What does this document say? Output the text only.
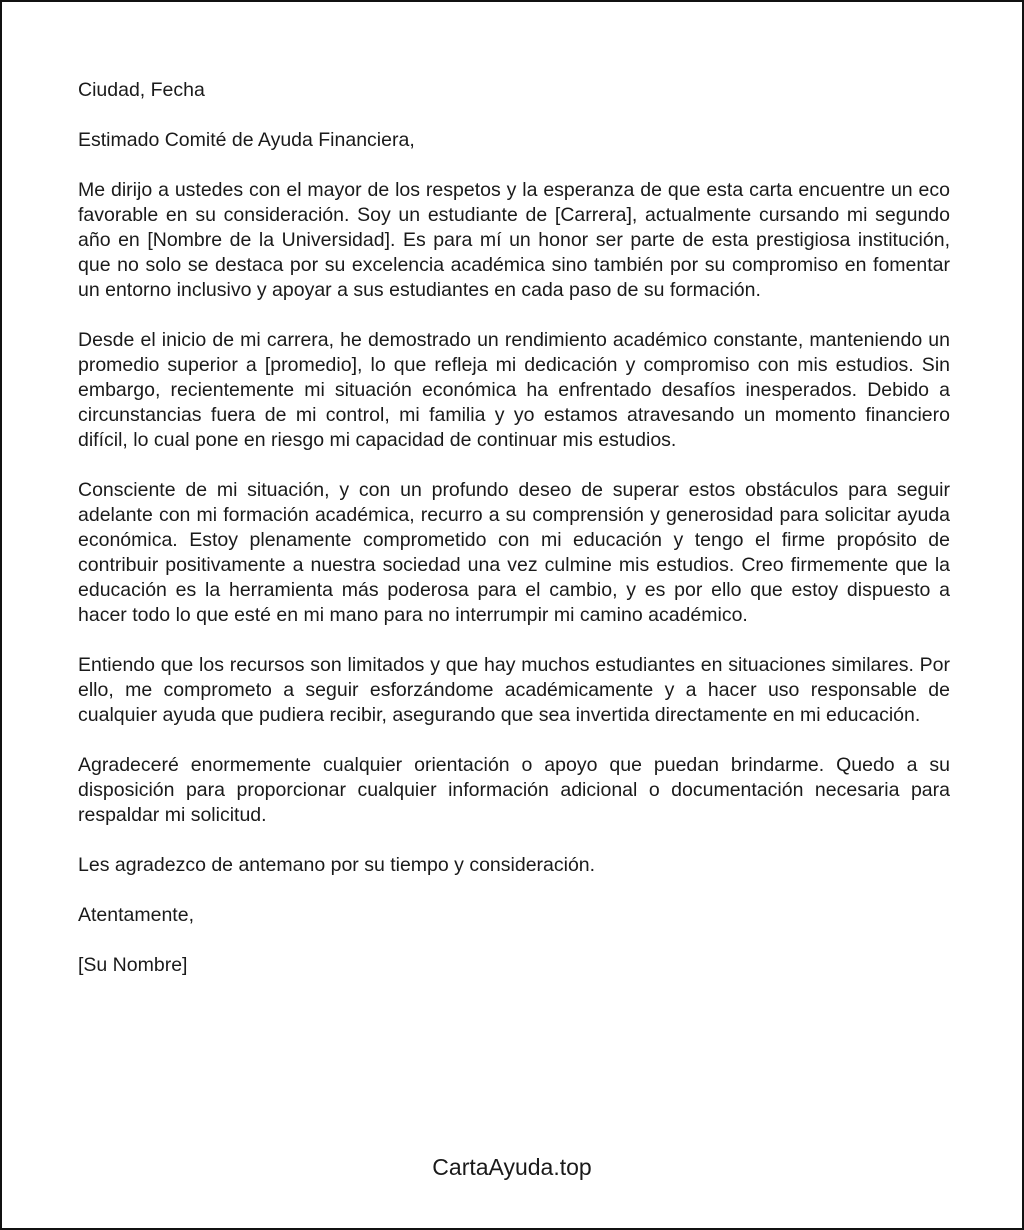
Ciudad, Fecha

Estimado Comité de Ayuda Financiera,

Me dirijo a ustedes con el mayor de los respetos y la esperanza de que esta carta encuentre un eco favorable en su consideración. Soy un estudiante de [Carrera], actualmente cursando mi segundo año en [Nombre de la Universidad]. Es para mí un honor ser parte de esta prestigiosa institución, que no solo se destaca por su excelencia académica sino también por su compromiso en fomentar un entorno inclusivo y apoyar a sus estudiantes en cada paso de su formación.

Desde el inicio de mi carrera, he demostrado un rendimiento académico constante, manteniendo un promedio superior a [promedio], lo que refleja mi dedicación y compromiso con mis estudios. Sin embargo, recientemente mi situación económica ha enfrentado desafíos inesperados. Debido a circunstancias fuera de mi control, mi familia y yo estamos atravesando un momento financiero difícil, lo cual pone en riesgo mi capacidad de continuar mis estudios.

Consciente de mi situación, y con un profundo deseo de superar estos obstáculos para seguir adelante con mi formación académica, recurro a su comprensión y generosidad para solicitar ayuda económica. Estoy plenamente comprometido con mi educación y tengo el firme propósito de contribuir positivamente a nuestra sociedad una vez culmine mis estudios. Creo firmemente que la educación es la herramienta más poderosa para el cambio, y es por ello que estoy dispuesto a hacer todo lo que esté en mi mano para no interrumpir mi camino académico.

Entiendo que los recursos son limitados y que hay muchos estudiantes en situaciones similares. Por ello, me comprometo a seguir esforzándome académicamente y a hacer uso responsable de cualquier ayuda que pudiera recibir, asegurando que sea invertida directamente en mi educación.

Agradeceré enormemente cualquier orientación o apoyo que puedan brindarme. Quedo a su disposición para proporcionar cualquier información adicional o documentación necesaria para respaldar mi solicitud.

Les agradezco de antemano por su tiempo y consideración.

Atentamente,

[Su Nombre]

CartaAyuda.top
